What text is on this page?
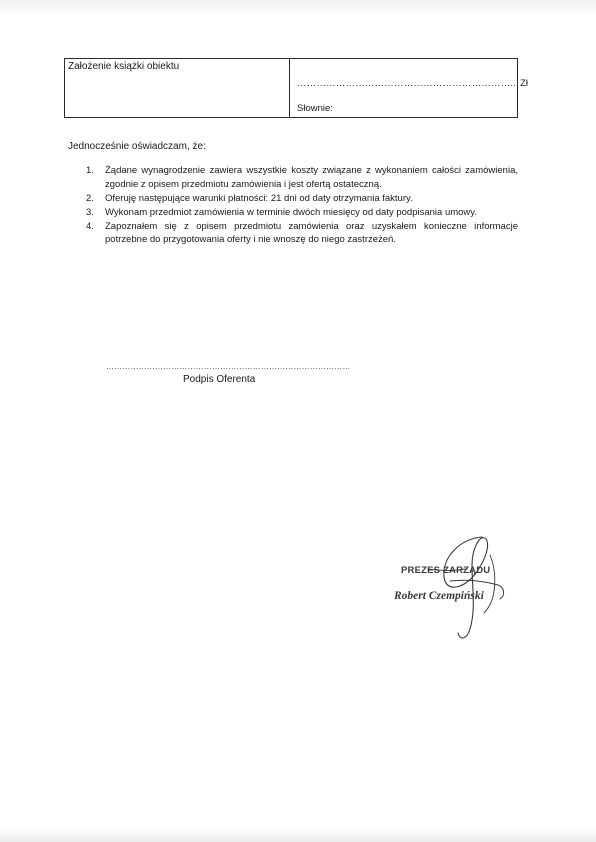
Założenie książki obiektu
………………………………………………………….. Zł
Słownie:
Jednocześnie oświadczam, że:
1. Żądane wynagrodzenie zawiera wszystkie koszty związane z wykonaniem całości zamówienia, zgodnie z opisem przedmiotu zamówienia i jest ofertą ostateczną.
2. Oferuję następujące warunki płatności: 21 dni od daty otrzymania faktury.
3. Wykonam przedmiot zamówienia w terminie dwóch miesięcy od daty podpisania umowy.
4. Zapoznałem się z opisem przedmiotu zamówienia oraz uzyskałem konieczne informacje potrzebne do przygotowania oferty i nie wnoszę do niego zastrzeżeń.
………………………………………………………………………………
Podpis Oferenta
PREZES ZARZĄDU
Robert Czempiński
